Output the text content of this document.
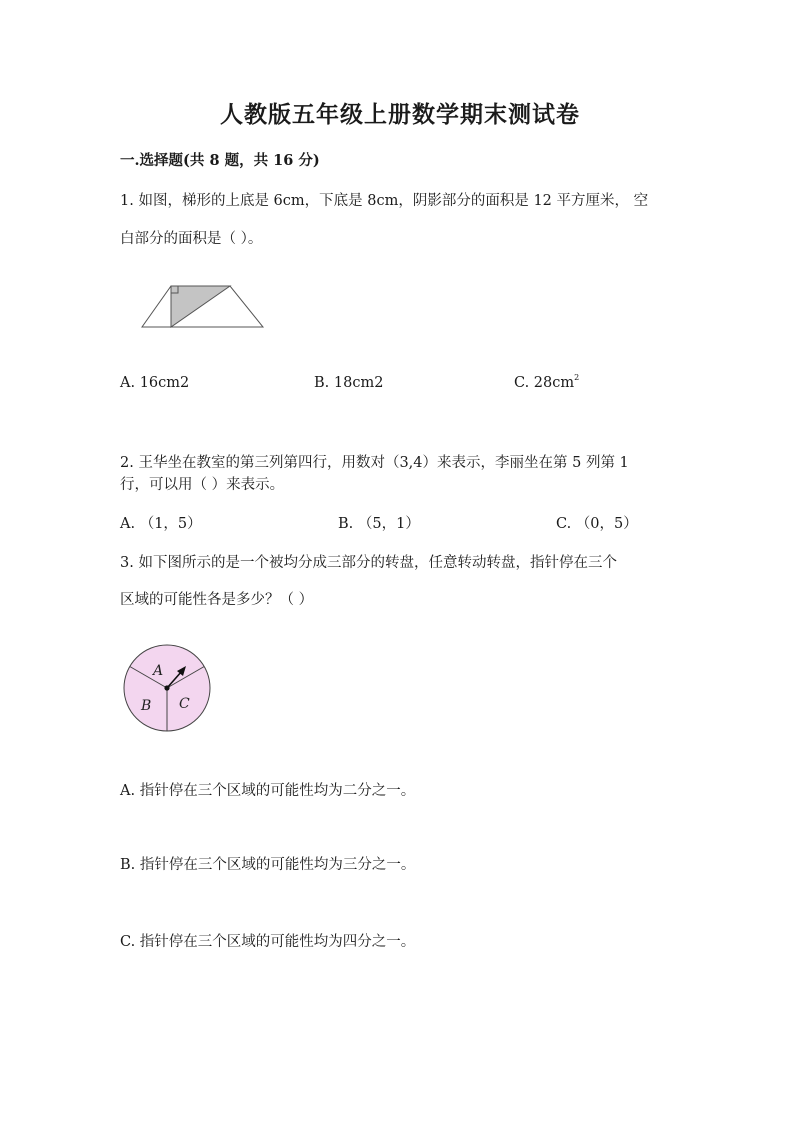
人教版五年级上册数学期末测试卷
一.选择题(共 8 题，共 16 分)
1. 如图，梯形的上底是 6cm，下底是 8cm，阴影部分的面积是 12 平方厘米， 空
白部分的面积是（ ）。
A. 16cm2	B. 18cm2	C. $28cm^2$
2. 王华坐在教室的第三列第四行，用数对（3,4）来表示，李丽坐在第 5 列第 1
行，可以用（ ）来表示。
A. （1，5）	B. （5，1）	C. （0，5）
3. 如下图所示的是一个被均分成三部分的转盘，任意转动转盘，指针停在三个
区域的可能性各是多少？（ ）
A
B C
A. 指针停在三个区域的可能性均为二分之一。
B. 指针停在三个区域的可能性均为三分之一。
C. 指针停在三个区域的可能性均为四分之一。
